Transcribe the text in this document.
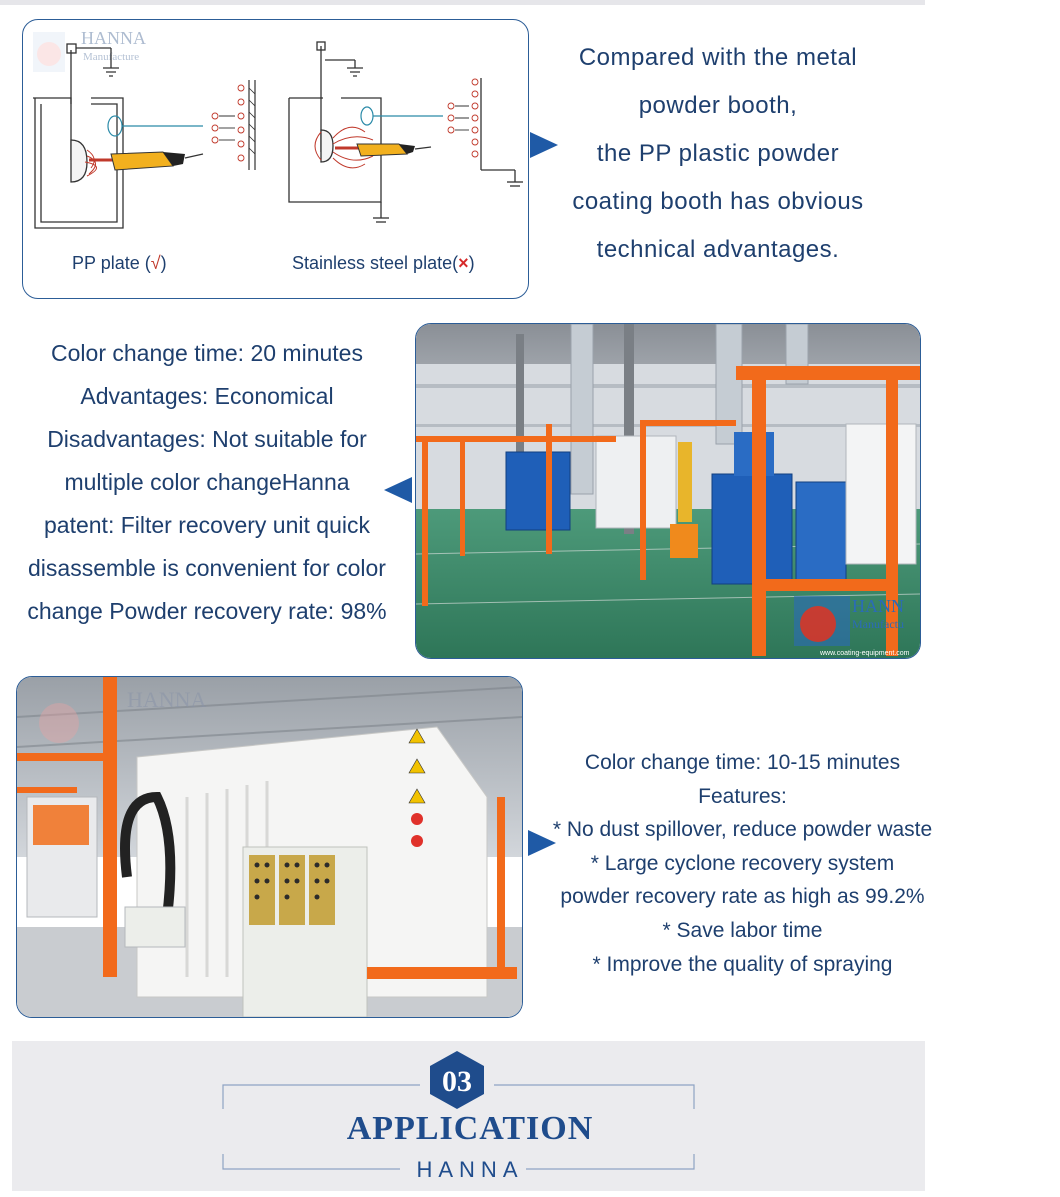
HANNA
Manufacture
PP plate (√)	Stainless steel plate(×)
Compared with the metal
powder booth,
the PP plastic powder
coating booth has obvious
technical advantages.
Color change time: 20 minutes
Advantages: Economical
Disadvantages: Not suitable for
multiple color changeHanna
patent: Filter recovery unit quick
disassemble is convenient for color
change Powder recovery rate: 98%	HANN
Manufactu
www.coating-equipment.com
HANNA
Color change time: 10-15 minutes
Features:
* No dust spillover, reduce powder waste
* Large cyclone recovery system
powder recovery rate as high as 99.2%
* Save labor time
* Improve the quality of spraying
03
APPLICATION
HANNA
